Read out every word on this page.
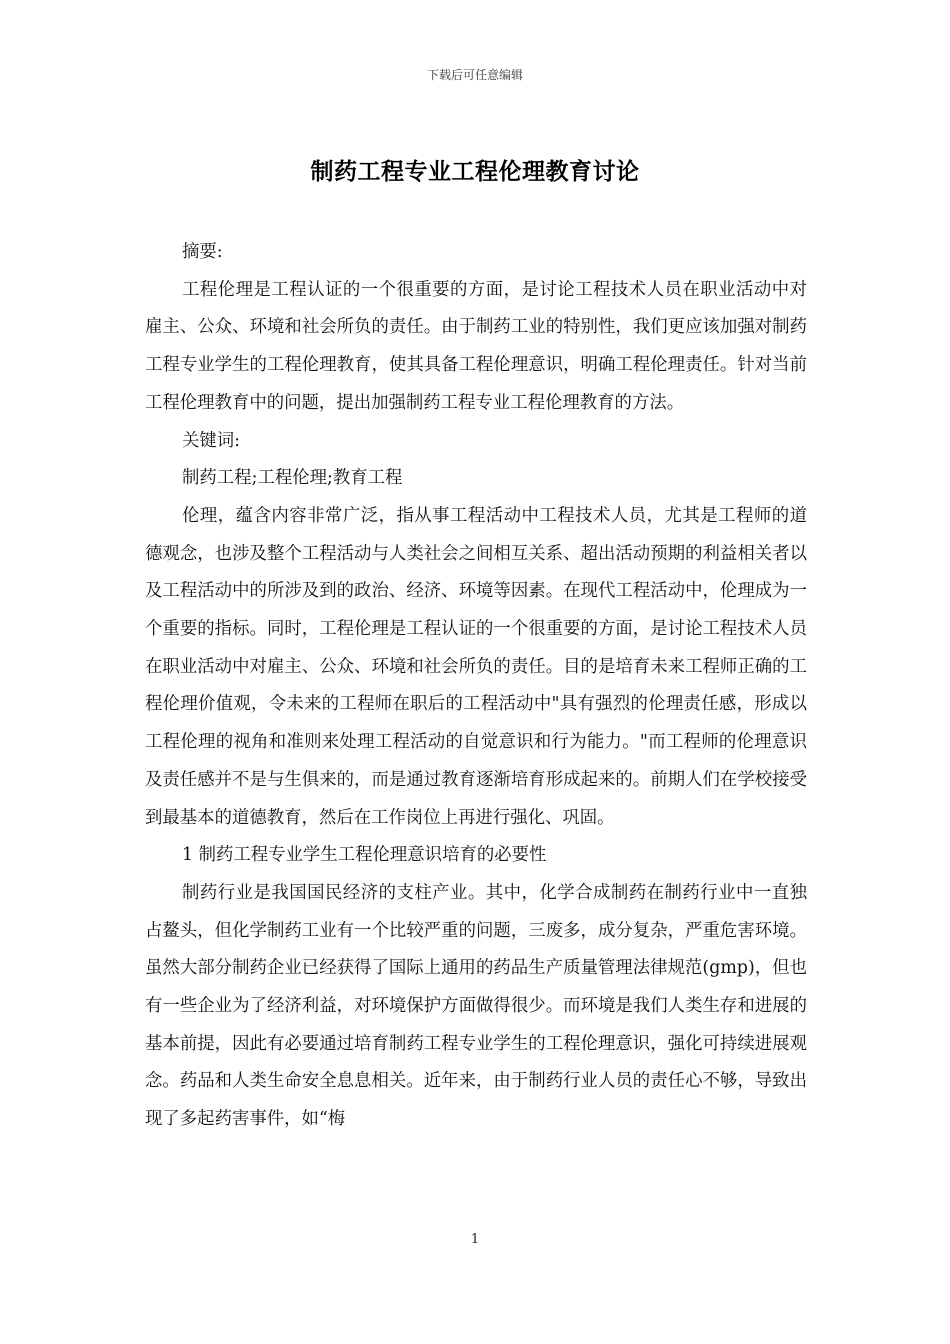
下载后可任意编辑
制药工程专业工程伦理教育讨论

摘要:

工程伦理是工程认证的一个很重要的方面，是讨论工程技术人员在职业活动中对雇主、公众、环境和社会所负的责任。由于制药工业的特别性，我们更应该加强对制药工程专业学生的工程伦理教育，使其具备工程伦理意识，明确工程伦理责任。针对当前工程伦理教育中的问题，提出加强制药工程专业工程伦理教育的方法。

关键词:

制药工程;工程伦理;教育工程

伦理，蕴含内容非常广泛，指从事工程活动中工程技术人员，尤其是工程师的道德观念，也涉及整个工程活动与人类社会之间相互关系、超出活动预期的利益相关者以及工程活动中的所涉及到的政治、经济、环境等因素。在现代工程活动中，伦理成为一个重要的指标。同时，工程伦理是工程认证的一个很重要的方面，是讨论工程技术人员在职业活动中对雇主、公众、环境和社会所负的责任。目的是培育未来工程师正确的工程伦理价值观，令未来的工程师在职后的工程活动中"具有强烈的伦理责任感，形成以工程伦理的视角和准则来处理工程活动的自觉意识和行为能力。"而工程师的伦理意识及责任感并不是与生俱来的，而是通过教育逐渐培育形成起来的。前期人们在学校接受到最基本的道德教育，然后在工作岗位上再进行强化、巩固。

1 制药工程专业学生工程伦理意识培育的必要性

制药行业是我国国民经济的支柱产业。其中，化学合成制药在制药行业中一直独占鳌头，但化学制药工业有一个比较严重的问题，三废多，成分复杂，严重危害环境。虽然大部分制药企业已经获得了国际上通用的药品生产质量管理法律规范(gmp)，但也有一些企业为了经济利益，对环境保护方面做得很少。而环境是我们人类生存和进展的基本前提，因此有必要通过培育制药工程专业学生的工程伦理意识，强化可持续进展观念。药品和人类生命安全息息相关。近年来，由于制药行业人员的责任心不够，导致出现了多起药害事件，如“梅

1
